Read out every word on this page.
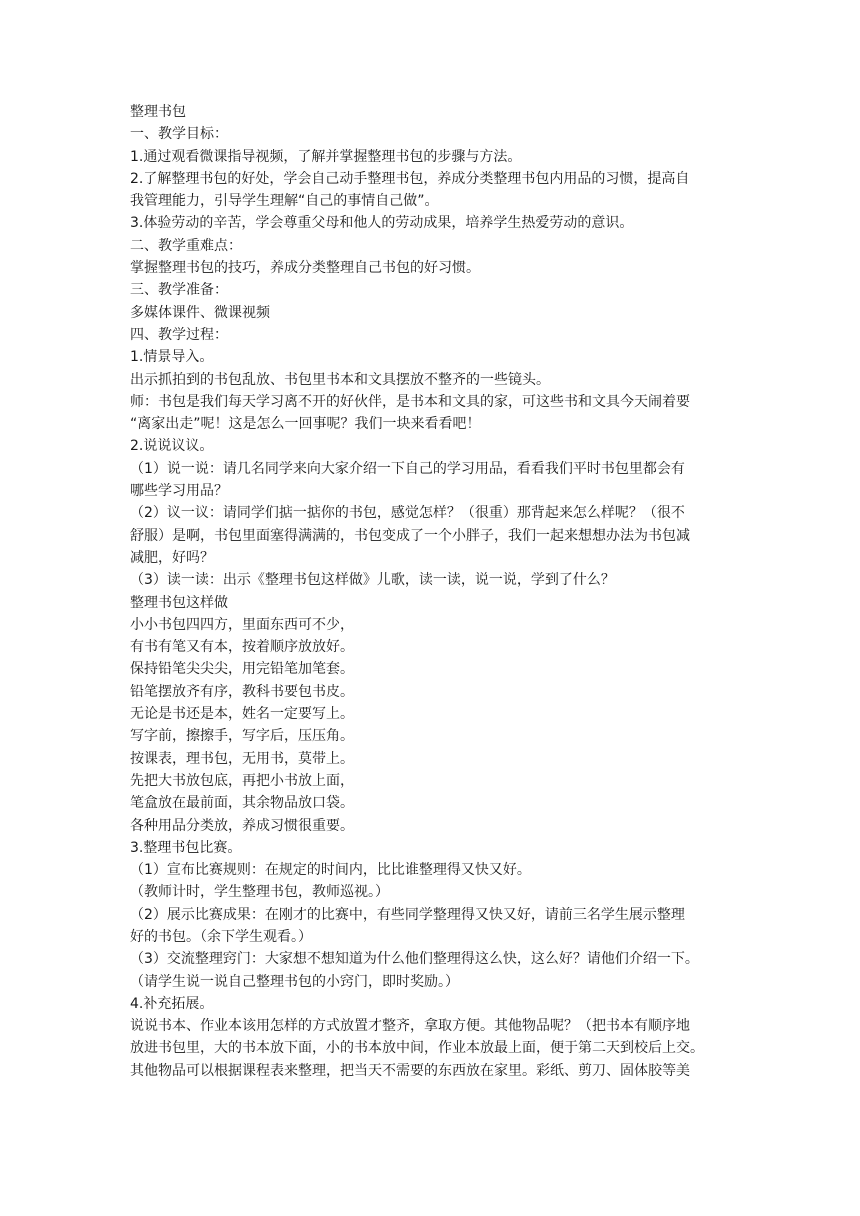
整理书包
一、教学目标：
1.通过观看微课指导视频，了解并掌握整理书包的步骤与方法。
2.了解整理书包的好处，学会自己动手整理书包，养成分类整理书包内用品的习惯，提高自
我管理能力，引导学生理解“自己的事情自己做”。
3.体验劳动的辛苦，学会尊重父母和他人的劳动成果，培养学生热爱劳动的意识。
二、教学重难点：
掌握整理书包的技巧，养成分类整理自己书包的好习惯。
三、教学准备：
多媒体课件、微课视频
四、教学过程：
1.情景导入。
出示抓拍到的书包乱放、书包里书本和文具摆放不整齐的一些镜头。
师：书包是我们每天学习离不开的好伙伴，是书本和文具的家，可这些书和文具今天闹着要
“离家出走”呢！这是怎么一回事呢？我们一块来看看吧！
2.说说议议。
（1）说一说：请几名同学来向大家介绍一下自己的学习用品，看看我们平时书包里都会有
哪些学习用品？
（2）议一议：请同学们掂一掂你的书包，感觉怎样？（很重）那背起来怎么样呢？（很不
舒服）是啊，书包里面塞得满满的，书包变成了一个小胖子，我们一起来想想办法为书包减
减肥，好吗？
（3）读一读：出示《整理书包这样做》儿歌，读一读，说一说，学到了什么？
整理书包这样做
小小书包四四方，里面东西可不少，
有书有笔又有本，按着顺序放放好。
保持铅笔尖尖尖，用完铅笔加笔套。
铅笔摆放齐有序，教科书要包书皮。
无论是书还是本，姓名一定要写上。
写字前，擦擦手，写字后，压压角。
按课表，理书包，无用书，莫带上。
先把大书放包底，再把小书放上面，
笔盒放在最前面，其余物品放口袋。
各种用品分类放，养成习惯很重要。
3.整理书包比赛。
（1）宣布比赛规则：在规定的时间内，比比谁整理得又快又好。
（教师计时，学生整理书包，教师巡视。）
（2）展示比赛成果：在刚才的比赛中，有些同学整理得又快又好，请前三名学生展示整理
好的书包。（余下学生观看。）
（3）交流整理窍门：大家想不想知道为什么他们整理得这么快，这么好？请他们介绍一下。
（请学生说一说自己整理书包的小窍门，即时奖励。）
4.补充拓展。
说说书本、作业本该用怎样的方式放置才整齐，拿取方便。其他物品呢？（把书本有顺序地
放进书包里，大的书本放下面，小的书本放中间，作业本放最上面，便于第二天到校后上交。
其他物品可以根据课程表来整理，把当天不需要的东西放在家里。彩纸、剪刀、固体胶等美
